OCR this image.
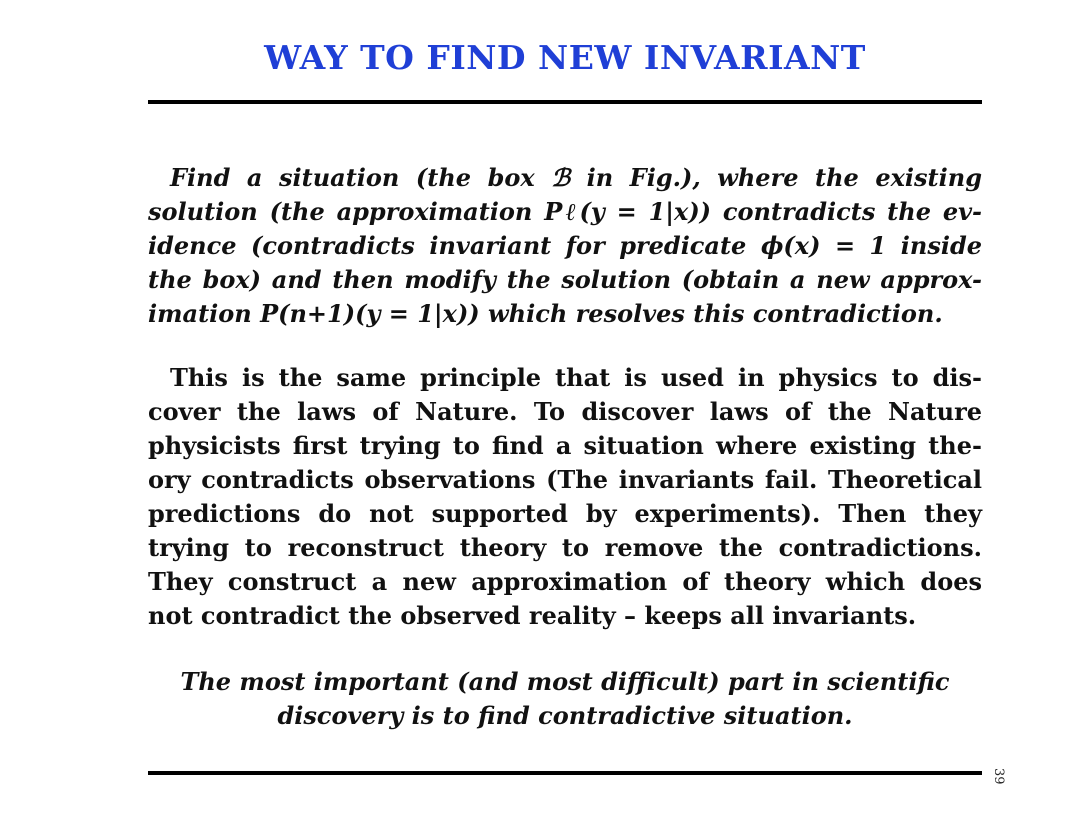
WAY TO FIND NEW INVARIANT

Find a situation (the box ℬ in Fig.), where the existing
solution (the approximation Pℓ(y = 1|x)) contradicts the ev-
idence (contradicts invariant for predicate ϕ(x) = 1 inside
the box) and then modify the solution (obtain a new approx-
imation P(n+1)(y = 1|x)) which resolves this contradiction.

This is the same principle that is used in physics to dis-
cover the laws of Nature. To discover laws of the Nature
physicists first trying to find a situation where existing the-
ory contradicts observations (The invariants fail. Theoretical
predictions do not supported by experiments). Then they
trying to reconstruct theory to remove the contradictions.
They construct a new approximation of theory which does
not contradict the observed reality – keeps all invariants.

The most important (and most difficult) part in scientific
discovery is to find contradictive situation.
39
